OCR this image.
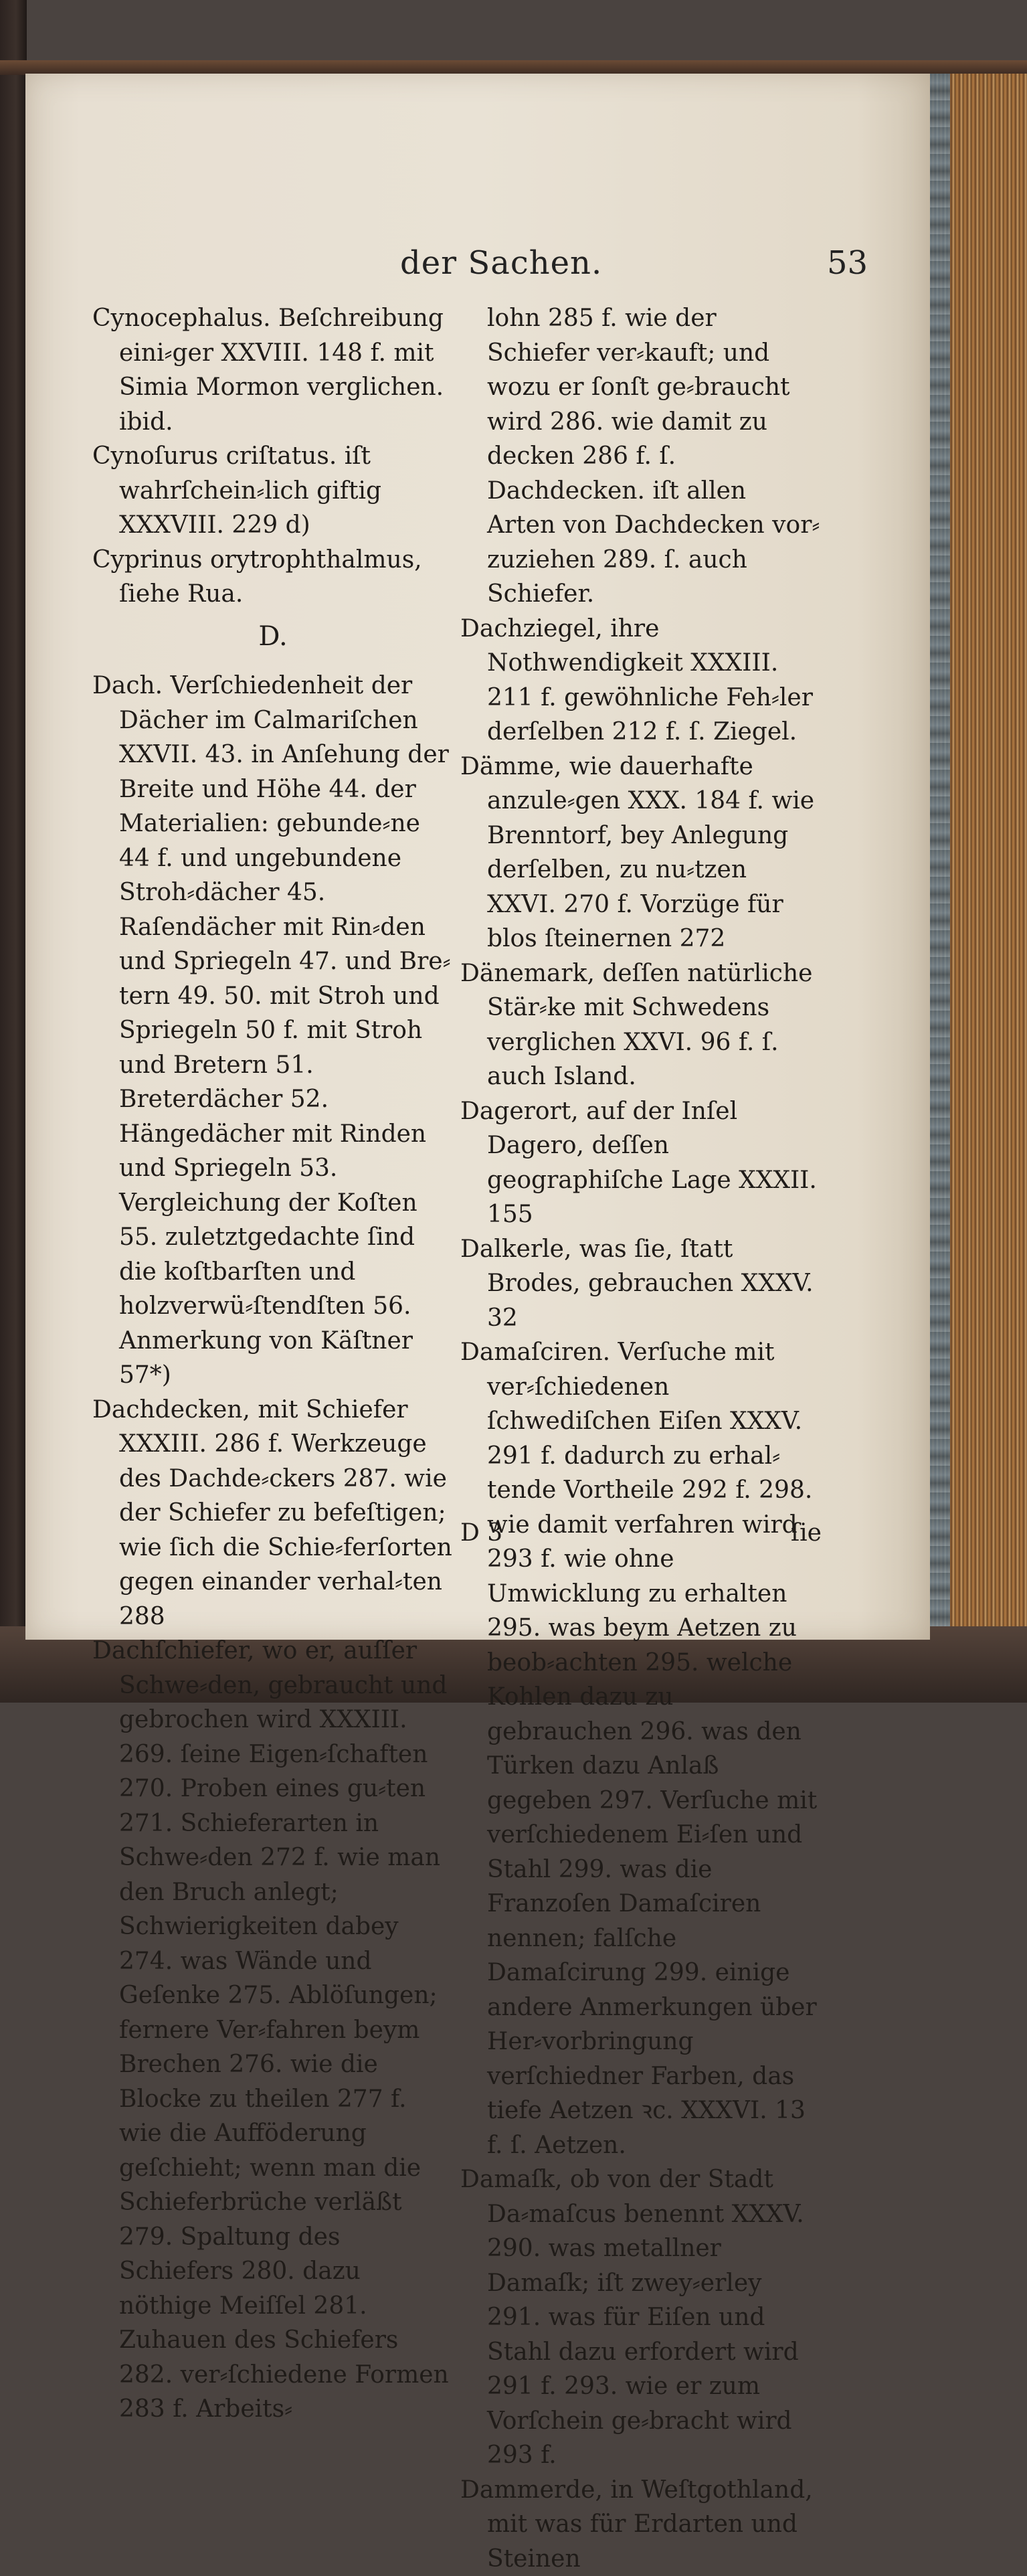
der Sachen.	53
Cynocephalus. Beſchreibung eini⸗ger XXVIII. 148 f. mit Simia Mormon verglichen. ibid.
Cynoſurus criſtatus. iſt wahrſchein⸗lich giftig XXXVIII. 229 d)
Cyprinus orytrophthalmus, ſiehe Rua.
D.
Dach. Verſchiedenheit der Dächer im Calmariſchen XXVII. 43. in Anſehung der Breite und Höhe 44. der Materialien: gebunde⸗ne 44 f. und ungebundene Stroh⸗dächer 45. Raſendächer mit Rin⸗den und Spriegeln 47. und Bre⸗tern 49. 50. mit Stroh und Spriegeln 50 f. mit Stroh und Bretern 51. Breterdächer 52. Hängedächer mit Rinden und Spriegeln 53. Vergleichung der Koſten 55. zuletztgedachte ſind die koſtbarſten und holzverwü⸗ſtendſten 56. Anmerkung von Käſtner 57*)
Dachdecken, mit Schiefer XXXIII. 286 f. Werkzeuge des Dachde⸗ckers 287. wie der Schiefer zu befeſtigen; wie ſich die Schie⸗ferſorten gegen einander verhal⸗ten 288
Dachſchiefer, wo er, auſſer Schwe⸗den, gebraucht und gebrochen wird XXXIII. 269. ſeine Eigen⸗ſchaften 270. Proben eines gu⸗ten 271. Schieferarten in Schwe⸗den 272 f. wie man den Bruch anlegt; Schwierigkeiten dabey 274. was Wände und Geſenke 275. Ablöſungen; fernere Ver⸗fahren beym Brechen 276. wie die Blocke zu theilen 277 f. wie die Aufföderung geſchieht; wenn man die Schieferbrüche verläßt 279. Spaltung des Schiefers 280. dazu nöthige Meiſſel 281. Zuhauen des Schiefers 282. ver⸗ſchiedene Formen 283 f. Arbeits⸗
lohn 285 f. wie der Schiefer ver⸗kauft; und wozu er ſonſt ge⸗braucht wird 286. wie damit zu decken 286 f. ſ. Dachdecken. iſt allen Arten von Dachdecken vor⸗zuziehen 289. ſ. auch Schiefer.
Dachziegel, ihre Nothwendigkeit XXXIII. 211 f. gewöhnliche Feh⸗ler derſelben 212 f. ſ. Ziegel.
Dämme, wie dauerhafte anzule⸗gen XXX. 184 f. wie Brenntorf, bey Anlegung derſelben, zu nu⸗tzen XXVI. 270 f. Vorzüge für blos ſteinernen 272
Dänemark, deſſen natürliche Stär⸗ke mit Schwedens verglichen XXVI. 96 f. ſ. auch Island.
Dagerort, auf der Inſel Dagero, deſſen geographiſche Lage XXXII. 155
Dalkerle, was ſie, ſtatt Brodes, gebrauchen XXXV. 32
Damaſciren. Verſuche mit ver⸗ſchiedenen ſchwediſchen Eiſen XXXV. 291 f. dadurch zu erhal⸗tende Vortheile 292 f. 298. wie damit verfahren wird 293 f. wie ohne Umwicklung zu erhalten 295. was beym Aetzen zu beob⸗achten 295. welche Kohlen dazu zu gebrauchen 296. was den Türken dazu Anlaß gegeben 297. Verſuche mit verſchiedenem Ei⸗ſen und Stahl 299. was die Franzoſen Damaſciren nennen; falſche Damaſcirung 299. einige andere Anmerkungen über Her⸗vorbringung verſchiedner Farben, das tiefe Aetzen ꝛc. XXXVI. 13 f. ſ. Aetzen.
Damaſk, ob von der Stadt Da⸗maſcus benennt XXXV. 290. was metallner Damaſk; iſt zwey⸗erley 291. was für Eiſen und Stahl dazu erfordert wird 291 f. 293. wie er zum Vorſchein ge⸗bracht wird 293 f.
Dammerde, in Weſtgothland, mit was für Erdarten und Steinen
D 3	ſie
